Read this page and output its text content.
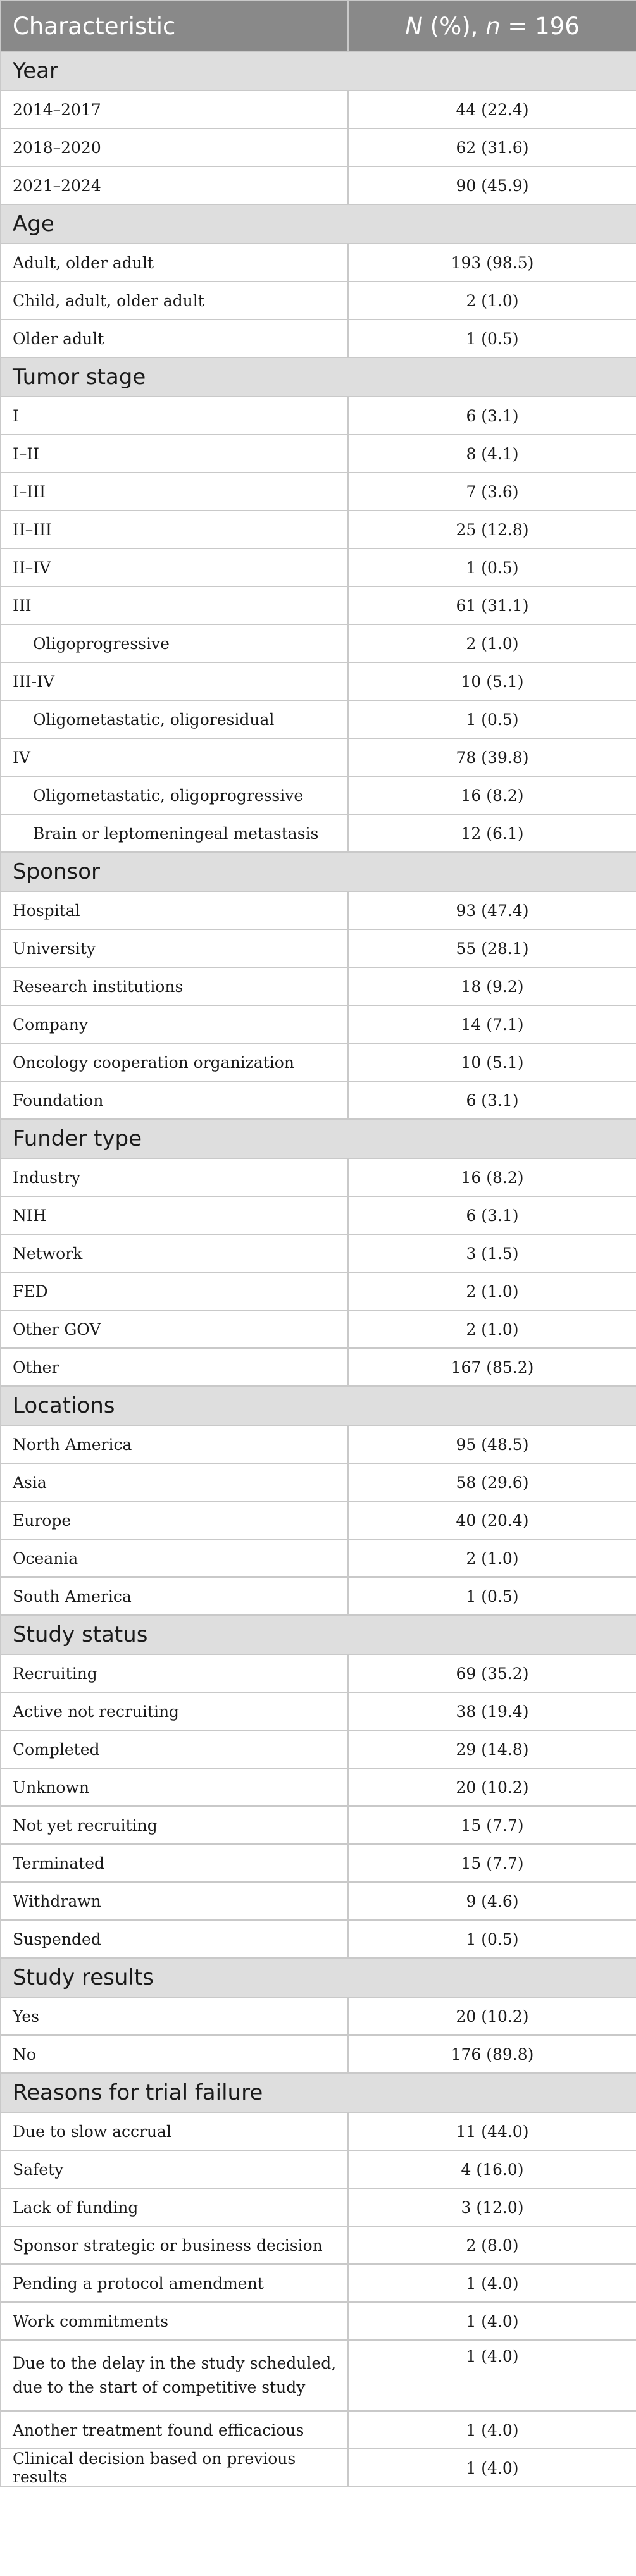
Characteristic	N (%), n = 196
Year	
2014–2017	44 (22.4)
2018–2020	62 (31.6)
2021–2024	90 (45.9)
Age	
Adult, older adult	193 (98.5)
Child, adult, older adult	2 (1.0)
Older adult	1 (0.5)
Tumor stage	
I	6 (3.1)
I–II	8 (4.1)
I–III	7 (3.6)
II–III	25 (12.8)
II–IV	1 (0.5)
III	61 (31.1)
Oligoprogressive	2 (1.0)
III-IV	10 (5.1)
Oligometastatic, oligoresidual	1 (0.5)
IV	78 (39.8)
Oligometastatic, oligoprogressive	16 (8.2)
Brain or leptomeningeal metastasis	12 (6.1)
Sponsor	
Hospital	93 (47.4)
University	55 (28.1)
Research institutions	18 (9.2)
Company	14 (7.1)
Oncology cooperation organization	10 (5.1)
Foundation	6 (3.1)
Funder type	
Industry	16 (8.2)
NIH	6 (3.1)
Network	3 (1.5)
FED	2 (1.0)
Other GOV	2 (1.0)
Other	167 (85.2)
Locations	
North America	95 (48.5)
Asia	58 (29.6)
Europe	40 (20.4)
Oceania	2 (1.0)
South America	1 (0.5)
Study status	
Recruiting	69 (35.2)
Active not recruiting	38 (19.4)
Completed	29 (14.8)
Unknown	20 (10.2)
Not yet recruiting	15 (7.7)
Terminated	15 (7.7)
Withdrawn	9 (4.6)
Suspended	1 (0.5)
Study results	
Yes	20 (10.2)
No	176 (89.8)
Reasons for trial failure	
Due to slow accrual	11 (44.0)
Safety	4 (16.0)
Lack of funding	3 (12.0)
Sponsor strategic or business decision	2 (8.0)
Pending a protocol amendment	1 (4.0)
Work commitments	1 (4.0)
Due to the delay in the study scheduled, due to the start of competitive study	1 (4.0)
Another treatment found efficacious	1 (4.0)
Clinical decision based on previous results	1 (4.0)
